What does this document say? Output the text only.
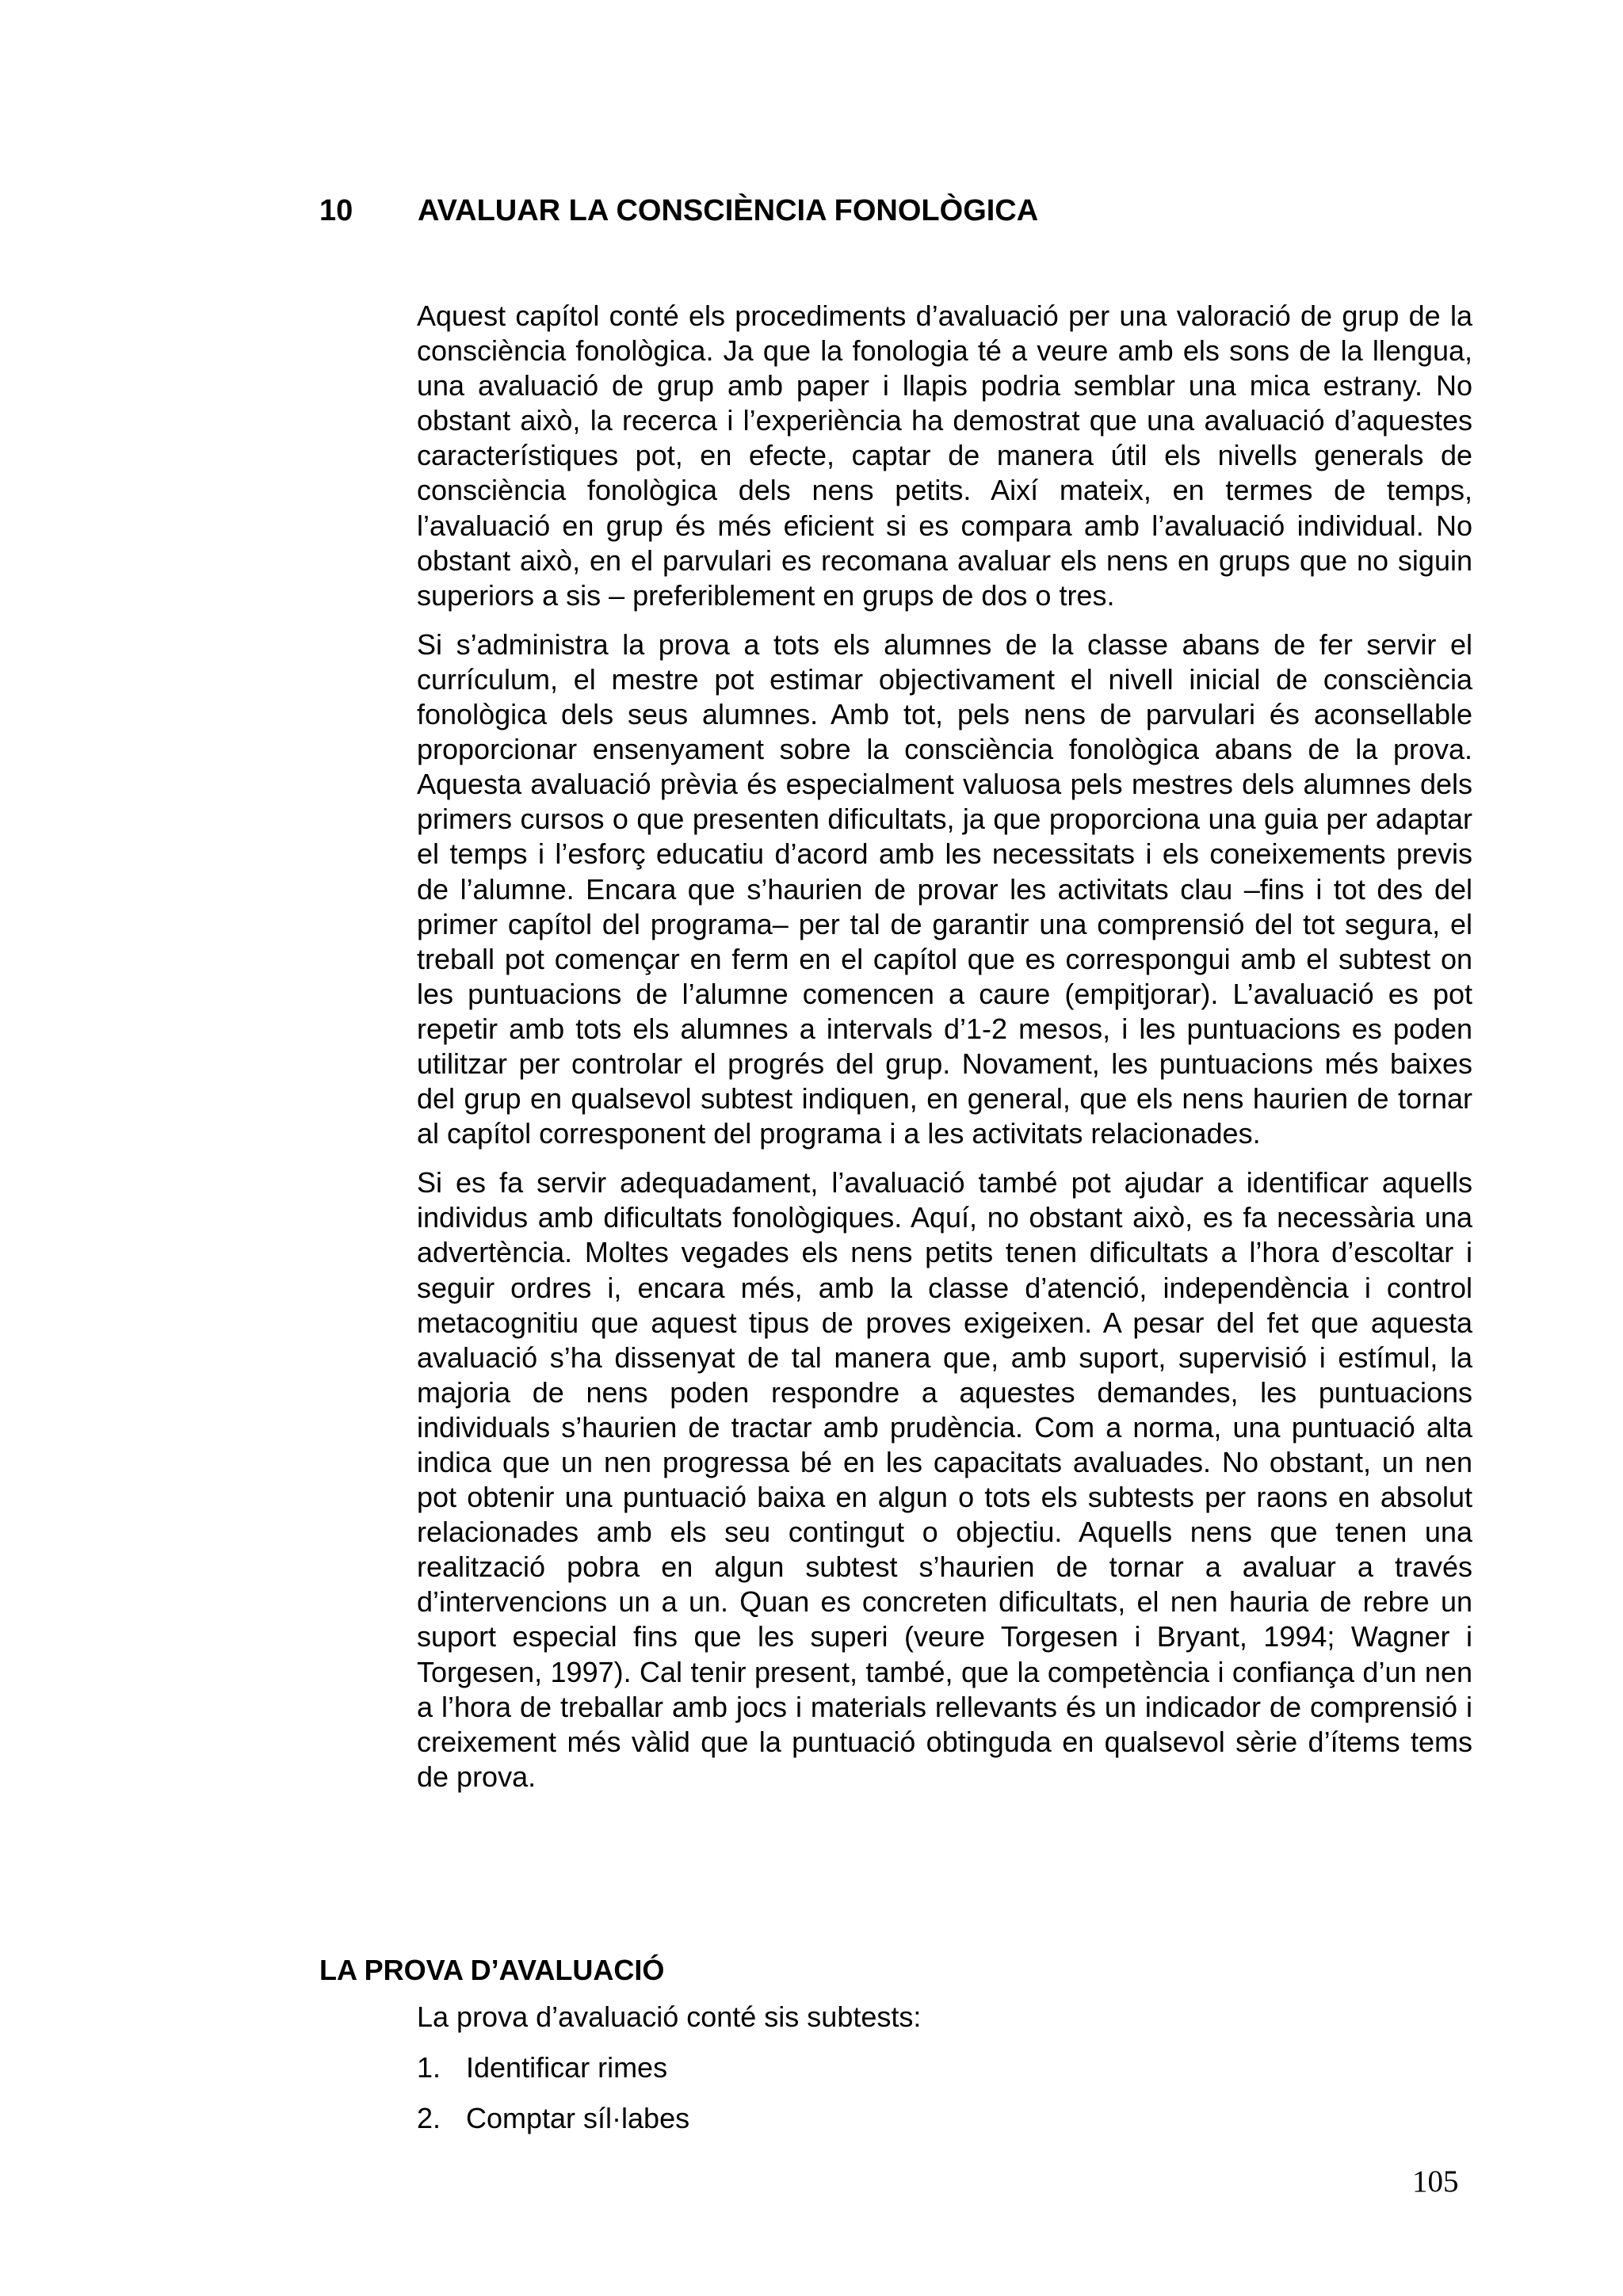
10 AVALUAR LA CONSCIÈNCIA FONOLÒGICA

Aquest capítol conté els procediments d’avaluació per una valoració de grup de la consciència fonològica. Ja que la fonologia té a veure amb els sons de la llengua, una avaluació de grup amb paper i llapis podria semblar una mica estrany. No obstant això, la recerca i l’experiència ha demostrat que una avaluació d’aquestes característiques pot, en efecte, captar de manera útil els nivells generals de consciència fonològica dels nens petits. Així mateix, en termes de temps, l’avaluació en grup és més eficient si es compara amb l’avaluació individual. No obstant això, en el parvulari es recomana avaluar els nens en grups que no siguin superiors a sis – preferiblement en grups de dos o tres.

Si s’administra la prova a tots els alumnes de la classe abans de fer servir el currículum, el mestre pot estimar objectivament el nivell inicial de consciència fonològica dels seus alumnes. Amb tot, pels nens de parvulari és aconsellable proporcionar ensenyament sobre la consciència fonològica abans de la prova. Aquesta avaluació prèvia és especialment valuosa pels mestres dels alumnes dels primers cursos o que presenten dificultats, ja que proporciona una guia per adaptar el temps i l’esforç educatiu d’acord amb les necessitats i els coneixements previs de l’alumne. Encara que s’haurien de provar les activitats clau –fins i tot des del primer capítol del programa– per tal de garantir una comprensió del tot segura, el treball pot començar en ferm en el capítol que es correspongui amb el subtest on les puntuacions de l’alumne comencen a caure (empitjorar). L’avaluació es pot repetir amb tots els alumnes a intervals d’1-2 mesos, i les puntuacions es poden utilitzar per controlar el progrés del grup. Novament, les puntuacions més baixes del grup en qualsevol subtest indiquen, en general, que els nens haurien de tornar al capítol corresponent del programa i a les activitats relacionades.

Si es fa servir adequadament, l’avaluació també pot ajudar a identificar aquells individus amb dificultats fonològiques. Aquí, no obstant això, es fa necessària una advertència. Moltes vegades els nens petits tenen dificultats a l’hora d’escoltar i seguir ordres i, encara més, amb la classe d’atenció, independència i control metacognitiu que aquest tipus de proves exigeixen. A pesar del fet que aquesta avaluació s’ha dissenyat de tal manera que, amb suport, supervisió i estímul, la majoria de nens poden respondre a aquestes demandes, les puntuacions individuals s’haurien de tractar amb prudència. Com a norma, una puntuació alta indica que un nen progressa bé en les capacitats avaluades. No obstant, un nen pot obtenir una puntuació baixa en algun o tots els subtests per raons en absolut relacionades amb els seu contingut o objectiu. Aquells nens que tenen una realització pobra en algun subtest s’haurien de tornar a avaluar a través d’intervencions un a un. Quan es concreten dificultats, el nen hauria de rebre un suport especial fins que les superi (veure Torgesen i Bryant, 1994; Wagner i Torgesen, 1997). Cal tenir present, també, que la competència i confiança d’un nen a l’hora de treballar amb jocs i materials rellevants és un indicador de comprensió i creixement més vàlid que la puntuació obtinguda en qualsevol sèrie d’ítems tems de prova.

LA PROVA D’AVALUACIÓ

La prova d’avaluació conté sis subtests:

1. Identificar rimes
2. Comptar síl·labes
105
